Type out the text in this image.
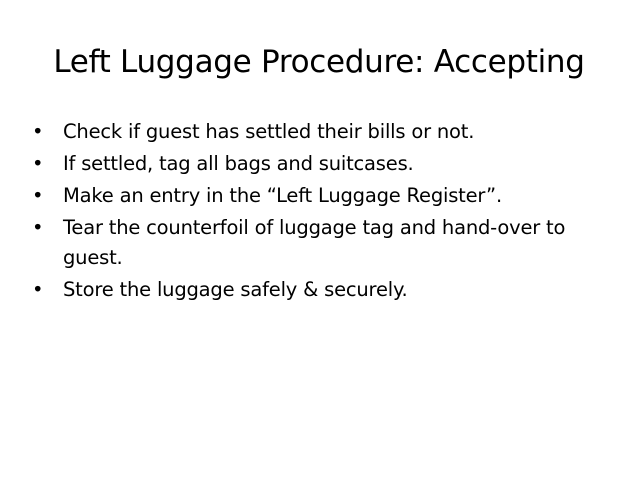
Left Luggage Procedure: Accepting
• Check if guest has settled their bills or not.
• If settled, tag all bags and suitcases.
• Make an entry in the “Left Luggage Register”.
• Tear the counterfoil of luggage tag and hand-over to guest.
• Store the luggage safely & securely.
